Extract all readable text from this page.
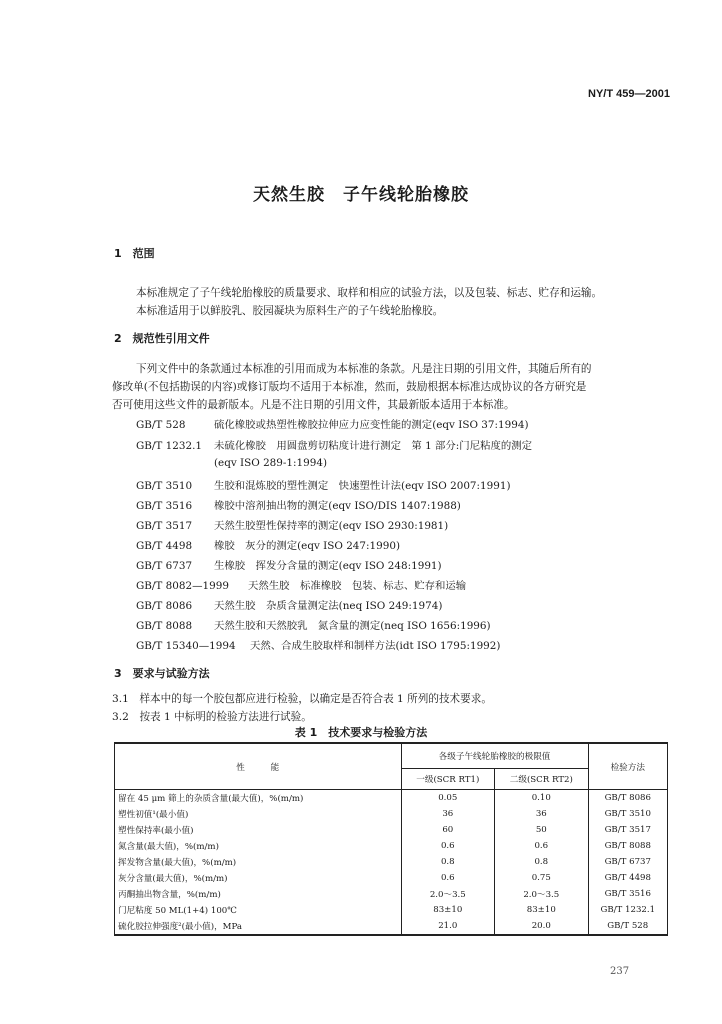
NY/T 459—2001
天然生胶　子午线轮胎橡胶
1　范围
本标准规定了子午线轮胎橡胶的质量要求、取样和相应的试验方法，以及包装、标志、贮存和运输。
本标准适用于以鲜胶乳、胶园凝块为原料生产的子午线轮胎橡胶。
2　规范性引用文件
下列文件中的条款通过本标准的引用而成为本标准的条款。凡是注日期的引用文件，其随后所有的
修改单(不包括勘误的内容)或修订版均不适用于本标准，然而，鼓励根据本标准达成协议的各方研究是
否可使用这些文件的最新版本。凡是不注日期的引用文件，其最新版本适用于本标准。
GB/T 528	硫化橡胶或热塑性橡胶拉伸应力应变性能的测定(eqv ISO 37:1994)
GB/T 1232.1 未硫化橡胶　用圆盘剪切粘度计进行测定　第 1 部分:门尼粘度的测定
(eqv ISO 289-1:1994)
GB/T 3510 生胶和混炼胶的塑性测定　快速塑性计法(eqv ISO 2007:1991)
GB/T 3516 橡胶中溶剂抽出物的测定(eqv ISO/DIS 1407:1988)
GB/T 3517 天然生胶塑性保持率的测定(eqv ISO 2930:1981)
GB/T 4498 橡胶　灰分的测定(eqv ISO 247:1990)
GB/T 6737 生橡胶　挥发分含量的测定(eqv ISO 248:1991)
GB/T 8082—1999 天然生胶　标准橡胶　包装、标志、贮存和运输
GB/T 8086 天然生胶　杂质含量测定法(neq ISO 249:1974)
GB/T 8088 天然生胶和天然胶乳　氮含量的测定(neq ISO 1656:1996)
GB/T 15340—1994 天然、合成生胶取样和制样方法(idt ISO 1795:1992)
3　要求与试验方法
3.1　样本中的每一个胶包都应进行检验，以确定是否符合表 1 所列的技术要求。
3.2　按表 1 中标明的检验方法进行试验。
表 1　技术要求与检验方法
性　　　能	各级子午线轮胎橡胶的极限值		检验方法
	一级(SCR RT1)	二级(SCR RT2)	
留在 45 μm 筛上的杂质含量(最大值)，%(m/m)	0.05	0.10	GB/T 8086
塑性初值¹(最小值)	36	36	GB/T 3510
塑性保持率(最小值)	60	50	GB/T 3517
氮含量(最大值)，%(m/m)	0.6	0.6	GB/T 8088
挥发物含量(最大值)，%(m/m)	0.8	0.8	GB/T 6737
灰分含量(最大值)，%(m/m)	0.6	0.75	GB/T 4498
丙酮抽出物含量，%(m/m)	2.0～3.5	2.0～3.5	GB/T 3516
门尼粘度 50 ML(1+4) 100℃	83±10	83±10	GB/T 1232.1
硫化胶拉伸强度²(最小值)，MPa	21.0	20.0	GB/T 528
237
